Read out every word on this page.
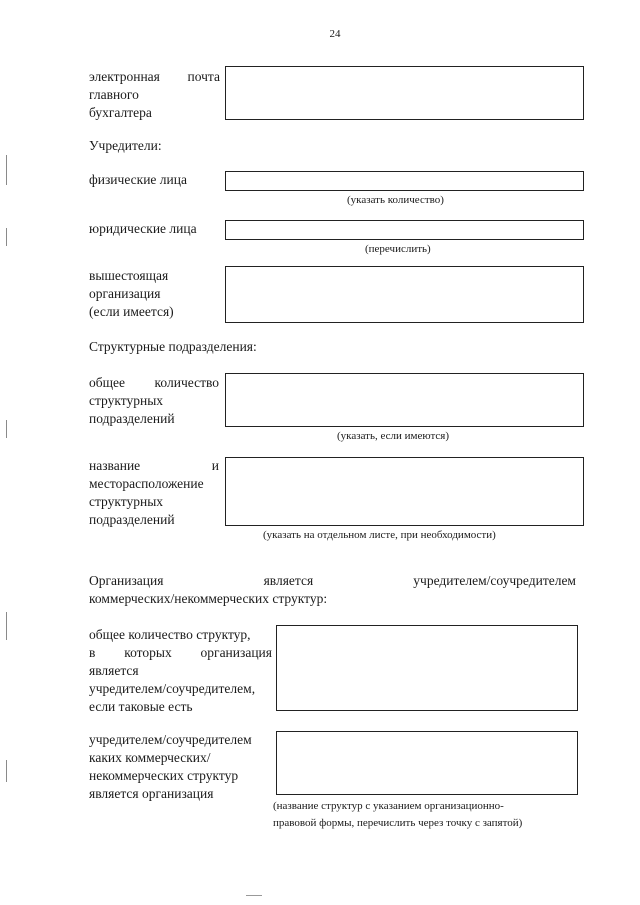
24
электронная почта
главного
бухгалтера
Учредители:
физические лица
(указать количество)
юридические лица
(перечислить)
вышестоящая
организация
(если имеется)
Структурные подразделения:
общее количество
структурных
подразделений
(указать, если имеются)
название	и
месторасположение
структурных
подразделений
(указать на отдельном листе, при необходимости)
Организация	является	учредителем/соучредителем
коммерческих/некоммерческих структур:
общее количество структур,
в которых организация
является
учредителем/соучредителем,
если таковые есть
учредителем/соучредителем
каких коммерческих/
некоммерческих структур
является организация
(название структур с указанием организационно-
правовой формы, перечислить через точку с запятой)
